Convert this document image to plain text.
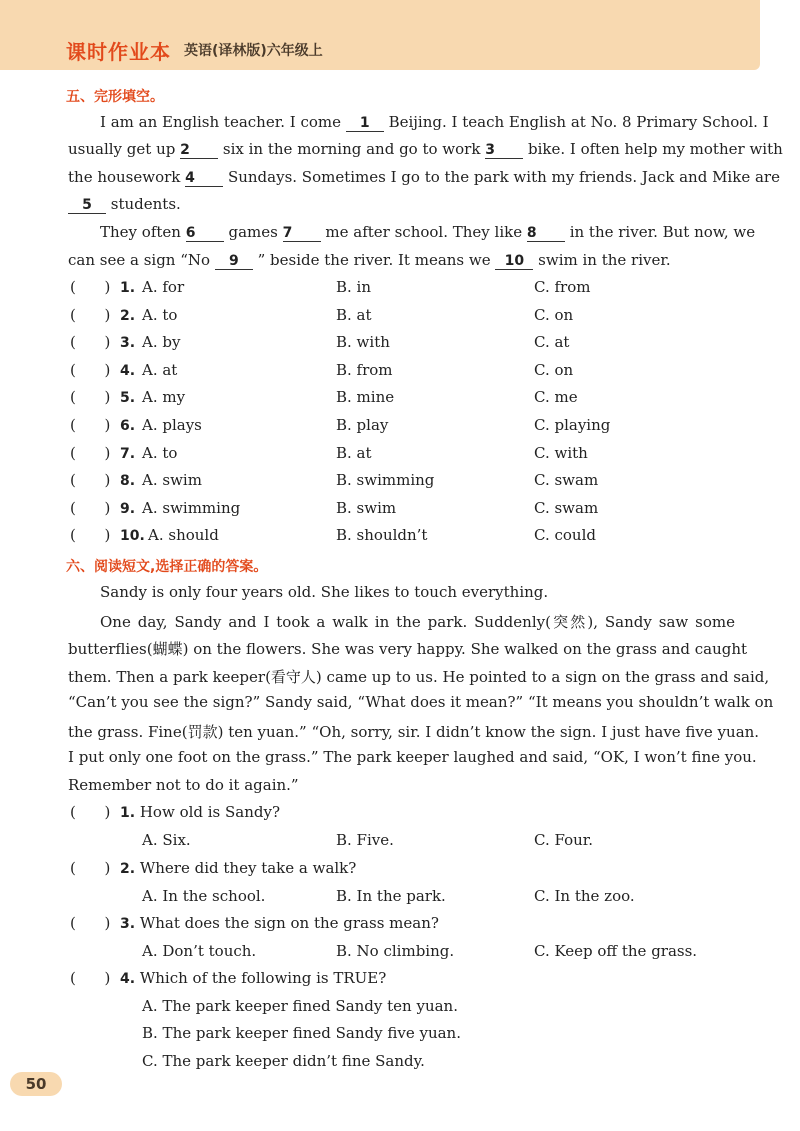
课时作业本 英语(译林版)六年级上
五、完形填空。
I am an English teacher. I come 1 Beijing. I teach English at No. 8 Primary School. I
usually get up 2 six in the morning and go to work 3 bike. I often help my mother with
the housework 4 Sundays. Sometimes I go to the park with my friends. Jack and Mike are
5 students.
They often 6 games 7 me after school. They like 8 in the river. But now, we
can see a sign “No 9 ” beside the river. It means we 10 swim in the river.
(      ) 1. A. for	B. in	C. from
(      ) 2. A. to	B. at	C. on
(      ) 3. A. by	B. with	C. at
(      ) 4. A. at	B. from	C. on
(      ) 5. A. my	B. mine	C. me
(      ) 6. A. plays	B. play	C. playing
(      ) 7. A. to	B. at	C. with
(      ) 8. A. swim	B. swimming	C. swam
(      ) 9. A. swimming	B. swim	C. swam
(      ) 10. A. should	B. shouldn’t	C. could
六、阅读短文,选择正确的答案。
Sandy is only four years old. She likes to touch everything.
One day, Sandy and I took a walk in the park. Suddenly(突然), Sandy saw some
butterflies(蝴蝶) on the flowers. She was very happy. She walked on the grass and caught
them. Then a park keeper(看守人) came up to us. He pointed to a sign on the grass and said,
“Can’t you see the sign?” Sandy said, “What does it mean?” “It means you shouldn’t walk on
the grass. Fine(罚款) ten yuan.” “Oh, sorry, sir. I didn’t know the sign. I just have five yuan.
I put only one foot on the grass.” The park keeper laughed and said, “OK, I won’t fine you.
Remember not to do it again.”
(      ) 1. How old is Sandy?
A. Six.	B. Five.	C. Four.
(      ) 2. Where did they take a walk?
A. In the school.	B. In the park.	C. In the zoo.
(      ) 3. What does the sign on the grass mean?
A. Don’t touch.	B. No climbing.	C. Keep off the grass.
(      ) 4. Which of the following is TRUE?
A. The park keeper fined Sandy ten yuan.
B. The park keeper fined Sandy five yuan.
C. The park keeper didn’t fine Sandy.
50
